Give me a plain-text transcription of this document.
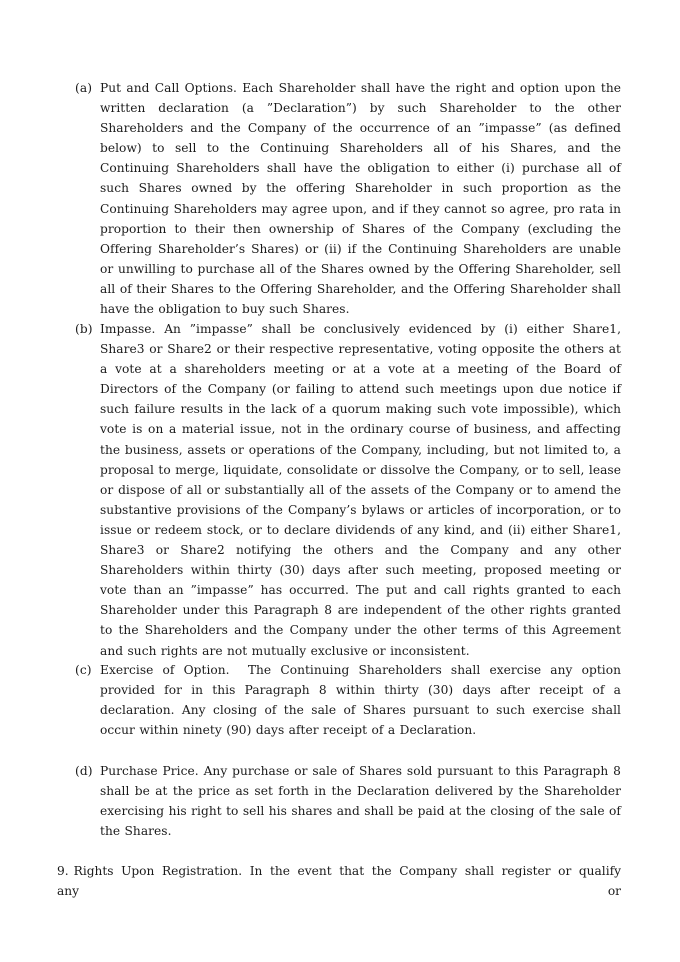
(a) Put and Call Options. Each Shareholder shall have the right and option upon the written declaration (a ”Declaration”) by such Shareholder to the other Shareholders and the Company of the occurrence of an ”impasse” (as defined below) to sell to the Continuing Shareholders all of his Shares, and the Continuing Shareholders shall have the obligation to either (i) purchase all of such Shares owned by the offering Shareholder in such proportion as the Continuing Shareholders may agree upon, and if they cannot so agree, pro rata in proportion to their then ownership of Shares of the Company (excluding the Offering Shareholder’s Shares) or (ii) if the Continuing Shareholders are unable or unwilling to purchase all of the Shares owned by the Offering Shareholder, sell all of their Shares to the Offering Shareholder, and the Offering Shareholder shall have the obligation to buy such Shares.
(b) Impasse. An ”impasse” shall be conclusively evidenced by (i) either Share1, Share3 or Share2 or their respective representative, voting opposite the others at a vote at a shareholders meeting or at a vote at a meeting of the Board of Directors of the Company (or failing to attend such meetings upon due notice if such failure results in the lack of a quorum making such vote impossible), which vote is on a material issue, not in the ordinary course of business, and affecting the business, assets or operations of the Company, including, but not limited to, a proposal to merge, liquidate, consolidate or dissolve the Company, or to sell, lease or dispose of all or substantially all of the assets of the Company or to amend the substantive provisions of the Company’s bylaws or articles of incorporation, or to issue or redeem stock, or to declare dividends of any kind, and (ii) either Share1, Share3 or Share2 notifying the others and the Company and any other Shareholders within thirty (30) days after such meeting, proposed meeting or vote than an ”impasse” has occurred. The put and call rights granted to each Shareholder under this Paragraph 8 are independent of the other rights granted to the Shareholders and the Company under the other terms of this Agreement and such rights are not mutually exclusive or inconsistent.
(c) Exercise of Option.  The Continuing Shareholders shall exercise any option provided for in this Paragraph 8 within thirty (30) days after receipt of a declaration. Any closing of the sale of Shares pursuant to such exercise shall occur within ninety (90) days after receipt of a Declaration.
(d) Purchase Price. Any purchase or sale of Shares sold pursuant to this Paragraph 8 shall be at the price as set forth in the Declaration delivered by the Shareholder exercising his right to sell his shares and shall be paid at the closing of the sale of the Shares.
9. Rights Upon Registration. In the event that the Company shall register or qualify any or
